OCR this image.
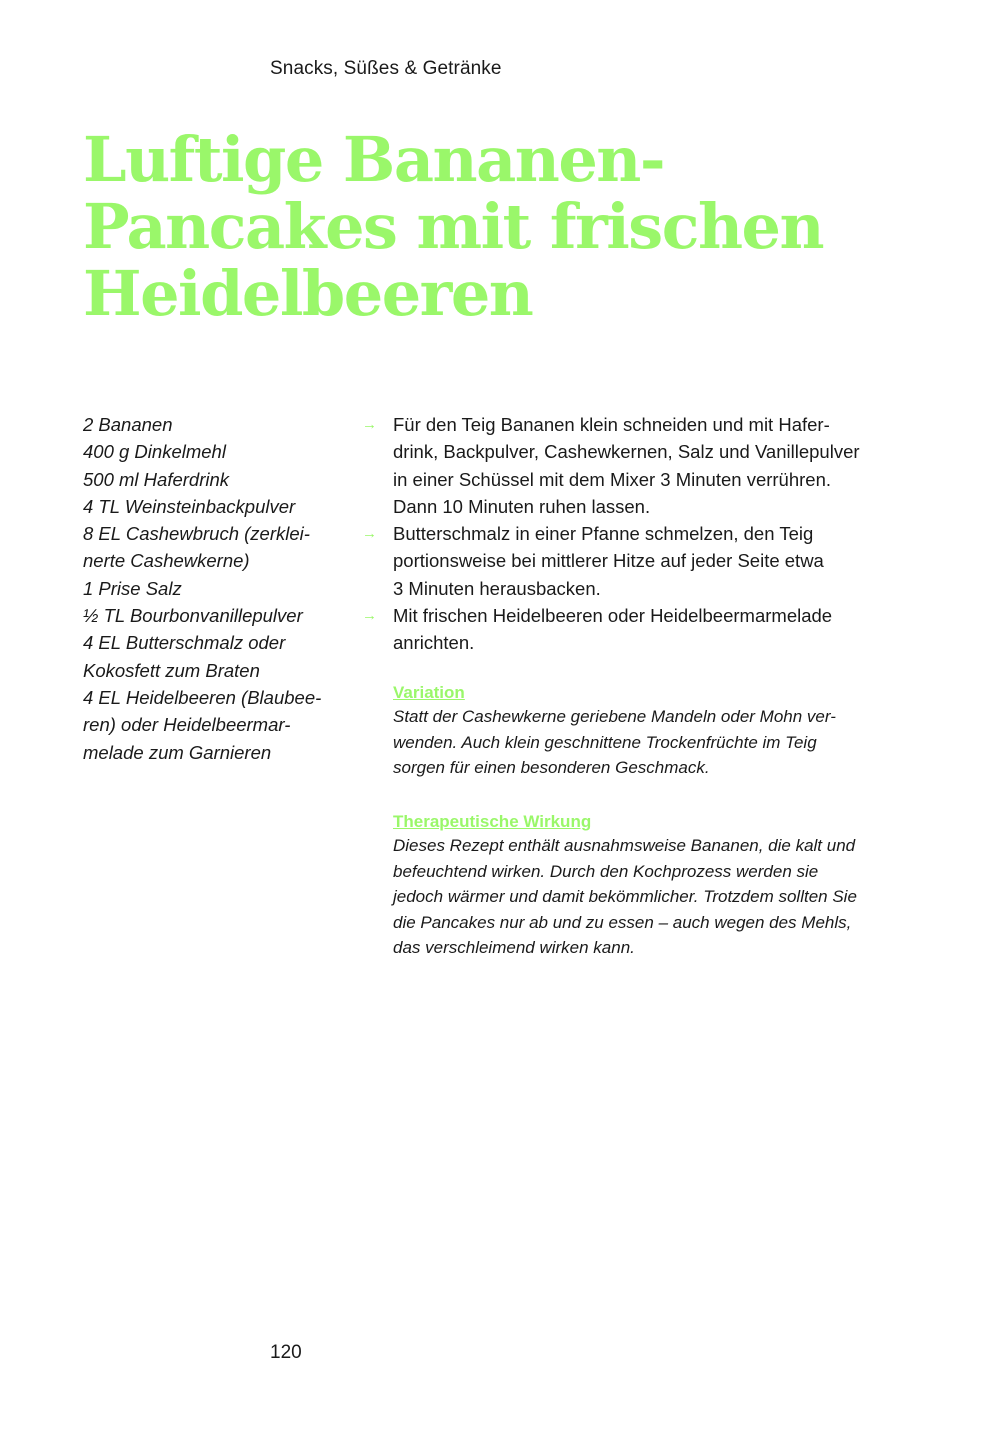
Snacks, Süßes & Getränke
Luftige Bananen-
Pancakes mit frischen
Heidelbeeren
2 Bananen
400 g Dinkelmehl
500 ml Haferdrink
4 TL Weinsteinbackpulver
8 EL Cashewbruch (zerklei-
nerte Cashewkerne)
1 Prise Salz
½ TL Bourbonvanillepulver
4 EL Butterschmalz oder
Kokosfett zum Braten
4 EL Heidelbeeren (Blaubee-
ren) oder Heidelbeermar-
melade zum Garnieren
→ Für den Teig Bananen klein schneiden und mit Hafer-
drink, Backpulver, Cashewkernen, Salz und Vanillepulver
in einer Schüssel mit dem Mixer 3 Minuten verrühren.
Dann 10 Minuten ruhen lassen.
→ Butterschmalz in einer Pfanne schmelzen, den Teig
portionsweise bei mittlerer Hitze auf jeder Seite etwa
3 Minuten herausbacken.
→ Mit frischen Heidelbeeren oder Heidelbeermarmelade
anrichten.
Variation
Statt der Cashewkerne geriebene Mandeln oder Mohn ver-
wenden. Auch klein geschnittene Trockenfrüchte im Teig
sorgen für einen besonderen Geschmack.
Therapeutische Wirkung
Dieses Rezept enthält ausnahmsweise Bananen, die kalt und
befeuchtend wirken. Durch den Kochprozess werden sie
jedoch wärmer und damit bekömmlicher. Trotzdem sollten Sie
die Pancakes nur ab und zu essen – auch wegen des Mehls,
das verschleimend wirken kann.
120
